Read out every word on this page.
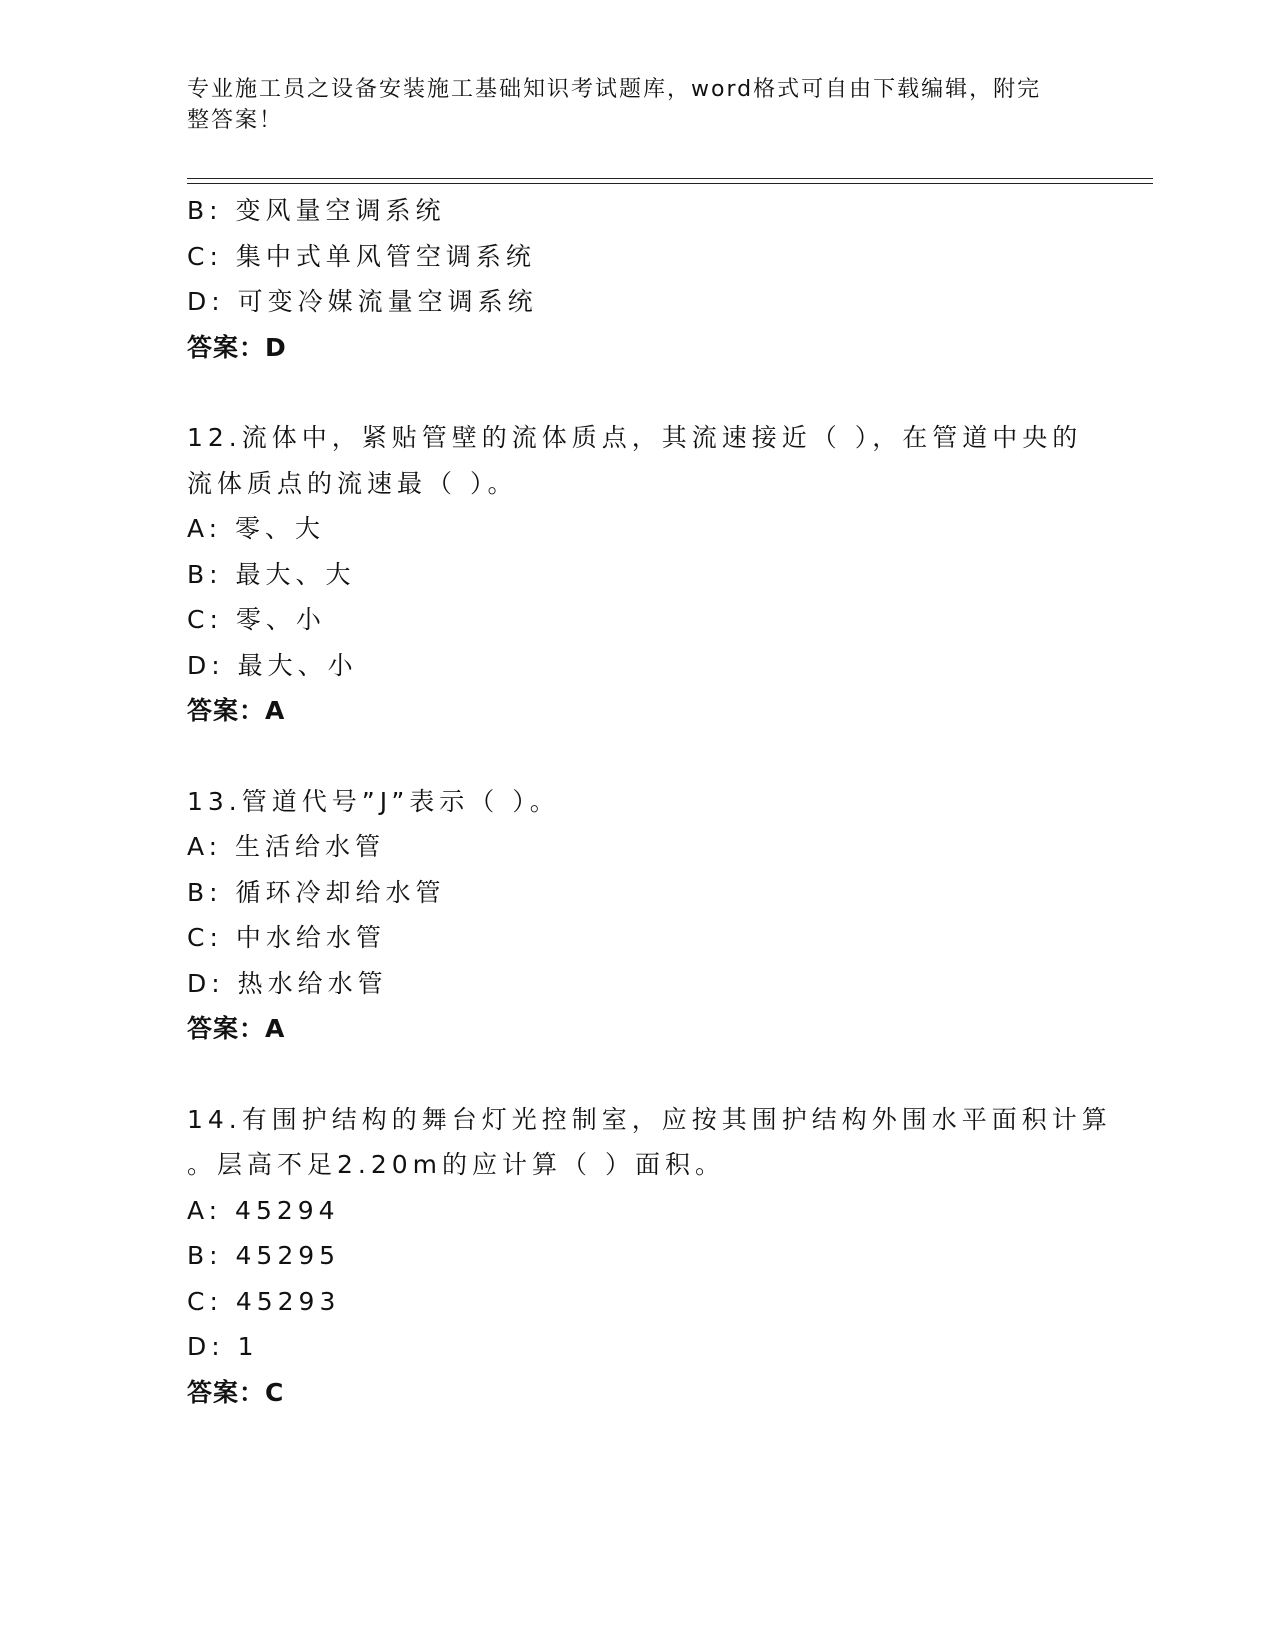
专业施工员之设备安装施工基础知识考试题库，word格式可自由下载编辑，附完
整答案！
B: 变风量空调系统
C: 集中式单风管空调系统
D: 可变冷媒流量空调系统
答案：D
12.流体中，紧贴管壁的流体质点，其流速接近（ ），在管道中央的
流体质点的流速最（ ）。
A: 零、大
B: 最大、大
C: 零、小
D: 最大、小
答案：A
13.管道代号”J”表示（ ）。
A: 生活给水管
B: 循环冷却给水管
C: 中水给水管
D: 热水给水管
答案：A
14.有围护结构的舞台灯光控制室，应按其围护结构外围水平面积计算
。层高不足2.20m的应计算（ ）面积。
A: 45294
B: 45295
C: 45293
D: 1
答案：C
